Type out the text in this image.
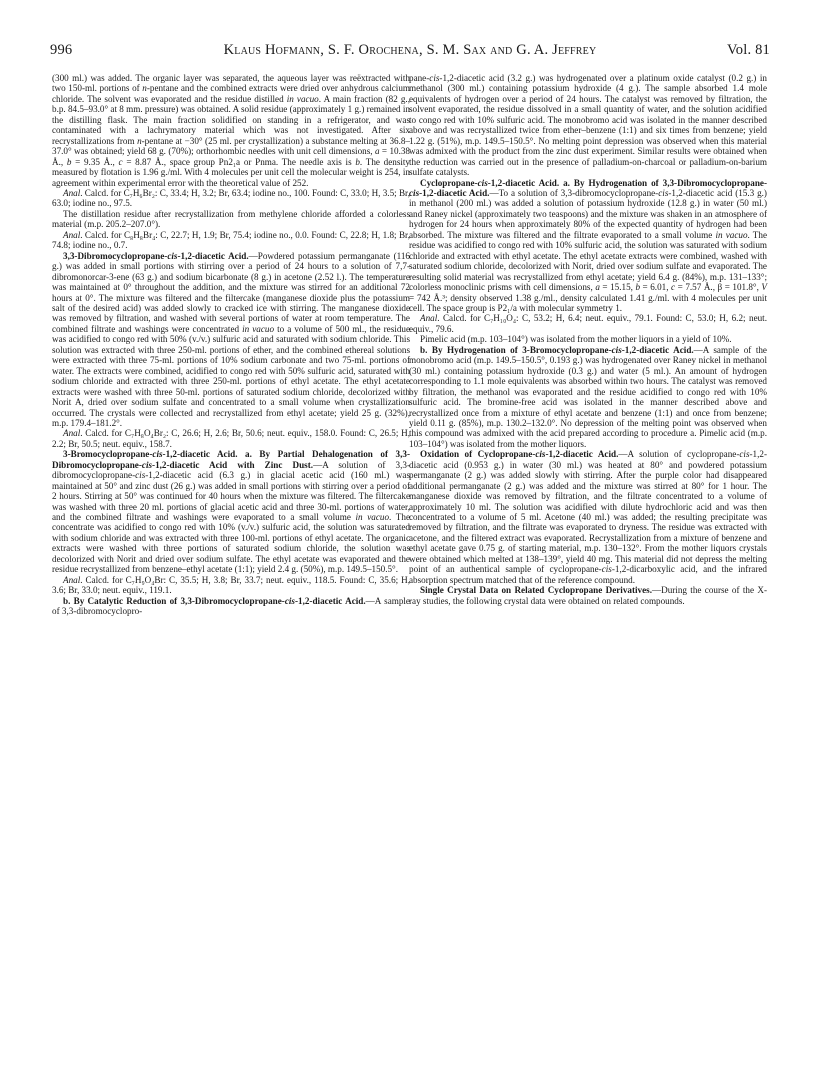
996	Klaus Hofmann, S. F. Orochena, S. M. Sax and G. A. Jeffrey	Vol. 81

(300 ml.) was added. The organic layer was separated, the aqueous layer was reëxtracted with two 150-ml. portions of n-pentane and the combined extracts were dried over anhydrous calcium chloride. The solvent was evaporated and the residue distilled in vacuo. A main fraction (82 g., b.p. 84.5–93.0° at 8 mm. pressure) was obtained. A solid residue (approximately 1 g.) remained in the distilling flask. The main fraction solidified on standing in a refrigerator, and was contaminated with a lachrymatory material which was not investigated. After six recrystallizations from n-pentane at −30° (25 ml. per crystallization) a substance melting at 36.8–37.0° was obtained; yield 68 g. (70%); orthorhombic needles with unit cell dimensions, a = 10.38 Å., b = 9.35 Å., c = 8.87 Å., space group Pn2₁a or Pnma. The needle axis is b. The density measured by flotation is 1.96 g./ml. With 4 molecules per unit cell the molecular weight is 254, in agreement within experimental error with the theoretical value of 252.

Anal. Calcd. for C₇H₆Br₂: C, 33.4; H, 3.2; Br, 63.4; iodine no., 100. Found: C, 33.0; H, 3.5; Br, 63.0; iodine no., 97.5.

The distillation residue after recrystallization from methylene chloride afforded a colorless material (m.p. 205.2–207.0°).

Anal. Calcd. for C₈H₈Br₄: C, 22.7; H, 1.9; Br, 75.4; iodine no., 0.0. Found: C, 22.8; H, 1.8; Br, 74.8; iodine no., 0.7.

3,3-Dibromocyclopropane-cis-1,2-diacetic Acid.—Powdered potassium permanganate (116 g.) was added in small portions with stirring over a period of 24 hours to a solution of 7,7-dibromonorcar-3-ene (63 g.) and sodium bicarbonate (8 g.) in acetone (2.52 l.). The temperature was maintained at 0° throughout the addition, and the mixture was stirred for an additional 72 hours at 0°. The mixture was filtered and the filtercake (manganese dioxide plus the potassium salt of the desired acid) was added slowly to cracked ice with stirring. The manganese dioxide was removed by filtration, and washed with several portions of water at room temperature. The combined filtrate and washings were concentrated in vacuo to a volume of 500 ml., the residue was acidified to congo red with 50% (v./v.) sulfuric acid and saturated with sodium chloride. This solution was extracted with three 250-ml. portions of ether, and the combined ethereal solutions were extracted with three 75-ml. portions of 10% sodium carbonate and two 75-ml. portions of water. The extracts were combined, acidified to congo red with 50% sulfuric acid, saturated with sodium chloride and extracted with three 250-ml. portions of ethyl acetate. The ethyl acetate extracts were washed with three 50-ml. portions of saturated sodium chloride, decolorized with Norit A, dried over sodium sulfate and concentrated to a small volume when crystallization occurred. The crystals were collected and recrystallized from ethyl acetate; yield 25 g. (32%), m.p. 179.4–181.2°.

Anal. Calcd. for C₇H₈O₄Br₂: C, 26.6; H, 2.6; Br, 50.6; neut. equiv., 158.0. Found: C, 26.5; H, 2.2; Br, 50.5; neut. equiv., 158.7.

3-Bromocyclopropane-cis-1,2-diacetic Acid. a. By Partial Dehalogenation of 3,3-Dibromocyclopropane-cis-1,2-diacetic Acid with Zinc Dust.—A solution of 3,3-dibromocyclopropane-cis-1,2-diacetic acid (6.3 g.) in glacial acetic acid (160 ml.) was maintained at 50° and zinc dust (26 g.) was added in small portions with stirring over a period of 2 hours. Stirring at 50° was continued for 40 hours when the mixture was filtered. The filtercake was washed with three 20 ml. portions of glacial acetic acid and three 30-ml. portions of water, and the combined filtrate and washings were evaporated to a small volume in vacuo. The concentrate was acidified to congo red with 10% (v./v.) sulfuric acid, the solution was saturated with sodium chloride and was extracted with three 100-ml. portions of ethyl acetate. The organic extracts were washed with three portions of saturated sodium chloride, the solution was decolorized with Norit and dried over sodium sulfate. The ethyl acetate was evaporated and the residue recrystallized from benzene–ethyl acetate (1:1); yield 2.4 g. (50%), m.p. 149.5–150.5°.

Anal. Calcd. for C₇H₉O₄Br: C, 35.5; H, 3.8; Br, 33.7; neut. equiv., 118.5. Found: C, 35.6; H, 3.6; Br, 33.0; neut. equiv., 119.1.

b. By Catalytic Reduction of 3,3-Dibromocyclopropane-cis-1,2-diacetic Acid.—A sample of 3,3-dibromocyclopro-

pane-cis-1,2-diacetic acid (3.2 g.) was hydrogenated over a platinum oxide catalyst (0.2 g.) in methanol (300 ml.) containing potassium hydroxide (4 g.). The sample absorbed 1.4 mole equivalents of hydrogen over a period of 24 hours. The catalyst was removed by filtration, the solvent evaporated, the residue dissolved in a small quantity of water, and the solution acidified to congo red with 10% sulfuric acid. The monobromo acid was isolated in the manner described above and was recrystallized twice from ether–benzene (1:1) and six times from benzene; yield 1.22 g. (51%), m.p. 149.5–150.5°. No melting point depression was observed when this material was admixed with the product from the zinc dust experiment. Similar results were obtained when the reduction was carried out in the presence of palladium-on-charcoal or palladium-on-barium sulfate catalysts.

Cyclopropane-cis-1,2-diacetic Acid. a. By Hydrogenation of 3,3-Dibromocyclopropane-cis-1,2-diacetic Acid.—To a solution of 3,3-dibromocyclopropane-cis-1,2-diacetic acid (15.3 g.) in methanol (200 ml.) was added a solution of potassium hydroxide (12.8 g.) in water (50 ml.) and Raney nickel (approximately two teaspoons) and the mixture was shaken in an atmosphere of hydrogen for 24 hours when approximately 80% of the expected quantity of hydrogen had been absorbed. The mixture was filtered and the filtrate evaporated to a small volume in vacuo. The residue was acidified to congo red with 10% sulfuric acid, the solution was saturated with sodium chloride and extracted with ethyl acetate. The ethyl acetate extracts were combined, washed with saturated sodium chloride, decolorized with Norit, dried over sodium sulfate and evaporated. The resulting solid material was recrystallized from ethyl acetate; yield 6.4 g. (84%), m.p. 131–133°; colorless monoclinic prisms with cell dimensions, a = 15.15, b = 6.01, c = 7.57 Å., β = 101.8°, V = 742 Å.³; density observed 1.38 g./ml., density calculated 1.41 g./ml. with 4 molecules per unit cell. The space group is P2₁/a with molecular symmetry 1.

Anal. Calcd. for C₇H₁₀O₄: C, 53.2; H, 6.4; neut. equiv., 79.1. Found: C, 53.0; H, 6.2; neut. equiv., 79.6.

Pimelic acid (m.p. 103–104°) was isolated from the mother liquors in a yield of 10%.

b. By Hydrogenation of 3-Bromocyclopropane-cis-1,2-diacetic Acid.—A sample of the monobromo acid (m.p. 149.5–150.5°, 0.193 g.) was hydrogenated over Raney nickel in methanol (30 ml.) containing potassium hydroxide (0.3 g.) and water (5 ml.). An amount of hydrogen corresponding to 1.1 mole equivalents was absorbed within two hours. The catalyst was removed by filtration, the methanol was evaporated and the residue acidified to congo red with 10% sulfuric acid. The bromine-free acid was isolated in the manner described above and recrystallized once from a mixture of ethyl acetate and benzene (1:1) and once from benzene; yield 0.11 g. (85%), m.p. 130.2–132.0°. No depression of the melting point was observed when this compound was admixed with the acid prepared according to procedure a. Pimelic acid (m.p. 103–104°) was isolated from the mother liquors.

Oxidation of Cyclopropane-cis-1,2-diacetic Acid.—A solution of cyclopropane-cis-1,2-diacetic acid (0.953 g.) in water (30 ml.) was heated at 80° and powdered potassium permanganate (2 g.) was added slowly with stirring. After the purple color had disappeared additional permanganate (2 g.) was added and the mixture was stirred at 80° for 1 hour. The manganese dioxide was removed by filtration, and the filtrate concentrated to a volume of approximately 10 ml. The solution was acidified with dilute hydrochloric acid and was then concentrated to a volume of 5 ml. Acetone (40 ml.) was added; the resulting precipitate was removed by filtration, and the filtrate was evaporated to dryness. The residue was extracted with acetone, and the filtered extract was evaporated. Recrystallization from a mixture of benzene and ethyl acetate gave 0.75 g. of starting material, m.p. 130–132°. From the mother liquors crystals were obtained which melted at 138–139°, yield 40 mg. This material did not depress the melting point of an authentical sample of cyclopropane-cis-1,2-dicarboxylic acid, and the infrared absorption spectrum matched that of the reference compound.

Single Crystal Data on Related Cyclopropane Derivatives.—During the course of the X-ray studies, the following crystal data were obtained on related compounds.
